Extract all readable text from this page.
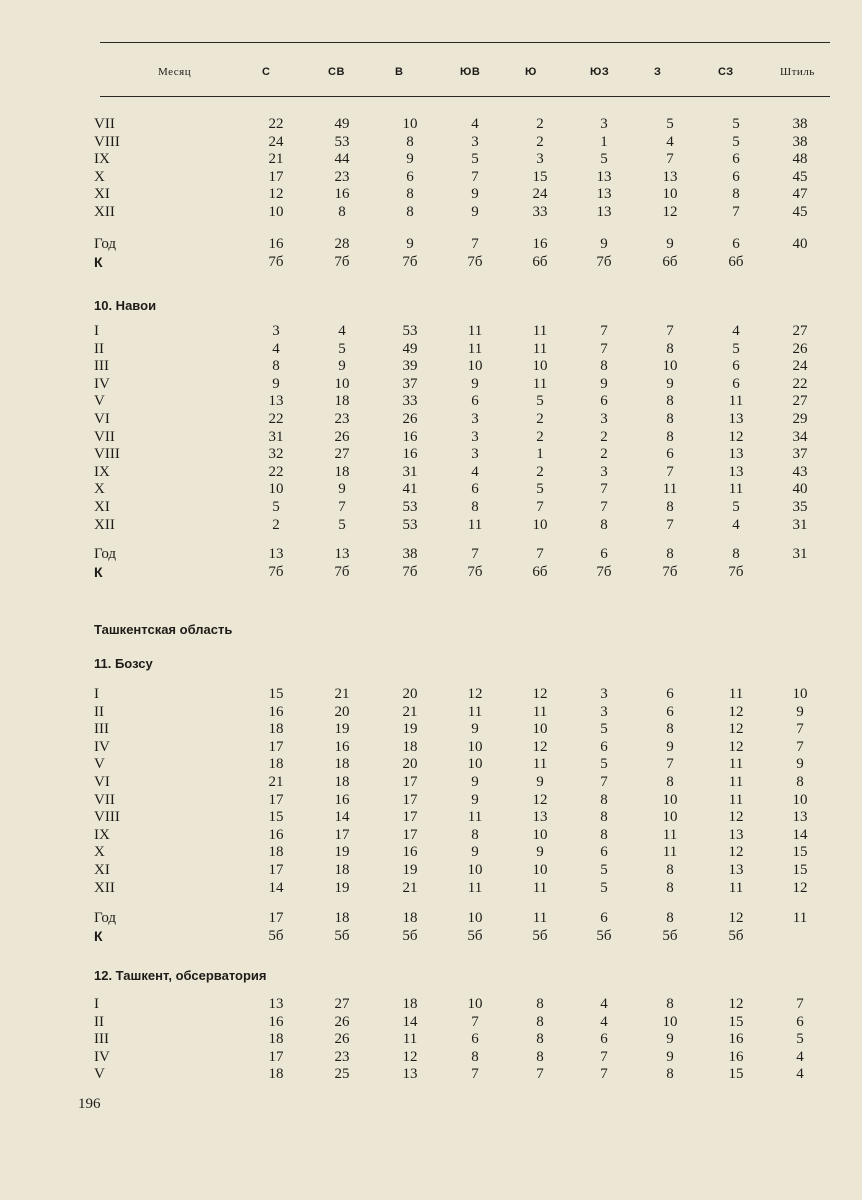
Месяц	С	СВ	В	ЮВ	Ю	ЮЗ	З	СЗ	Штиль
VII	22	49	10	4	2	3	5	5	38
VIII	24	53	8	3	2	1	4	5	38
IX	21	44	9	5	3	5	7	6	48
X	17	23	6	7	15	13	13	6	45
XI	12	16	8	9	24	13	10	8	47
XII	10	8	8	9	33	13	12	7	45
Год	16	28	9	7	16	9	9	6	40
К	7б	7б	7б	7б	6б	7б	6б	6б
10. Навои
I	3	4	53	11	11	7	7	4	27
II	4	5	49	11	11	7	8	5	26
III	8	9	39	10	10	8	10	6	24
IV	9	10	37	9	11	9	9	6	22
V	13	18	33	6	5	6	8	11	27
VI	22	23	26	3	2	3	8	13	29
VII	31	26	16	3	2	2	8	12	34
VIII	32	27	16	3	1	2	6	13	37
IX	22	18	31	4	2	3	7	13	43
X	10	9	41	6	5	7	11	11	40
XI	5	7	53	8	7	7	8	5	35
XII	2	5	53	11	10	8	7	4	31
Год	13	13	38	7	7	6	8	8	31
К	7б	7б	7б	7б	6б	7б	7б	7б
Ташкентская область
11. Бозсу
I	15	21	20	12	12	3	6	11	10
II	16	20	21	11	11	3	6	12	9
III	18	19	19	9	10	5	8	12	7
IV	17	16	18	10	12	6	9	12	7
V	18	18	20	10	11	5	7	11	9
VI	21	18	17	9	9	7	8	11	8
VII	17	16	17	9	12	8	10	11	10
VIII	15	14	17	11	13	8	10	12	13
IX	16	17	17	8	10	8	11	13	14
X	18	19	16	9	9	6	11	12	15
XI	17	18	19	10	10	5	8	13	15
XII	14	19	21	11	11	5	8	11	12
Год	17	18	18	10	11	6	8	12	11
К	5б	5б	5б	5б	5б	5б	5б	5б
12. Ташкент, обсерватория
I	13	27	18	10	8	4	8	12	7
II	16	26	14	7	8	4	10	15	6
III	18	26	11	6	8	6	9	16	5
IV	17	23	12	8	8	7	9	16	4
V	18	25	13	7	7	7	8	15	4
196
